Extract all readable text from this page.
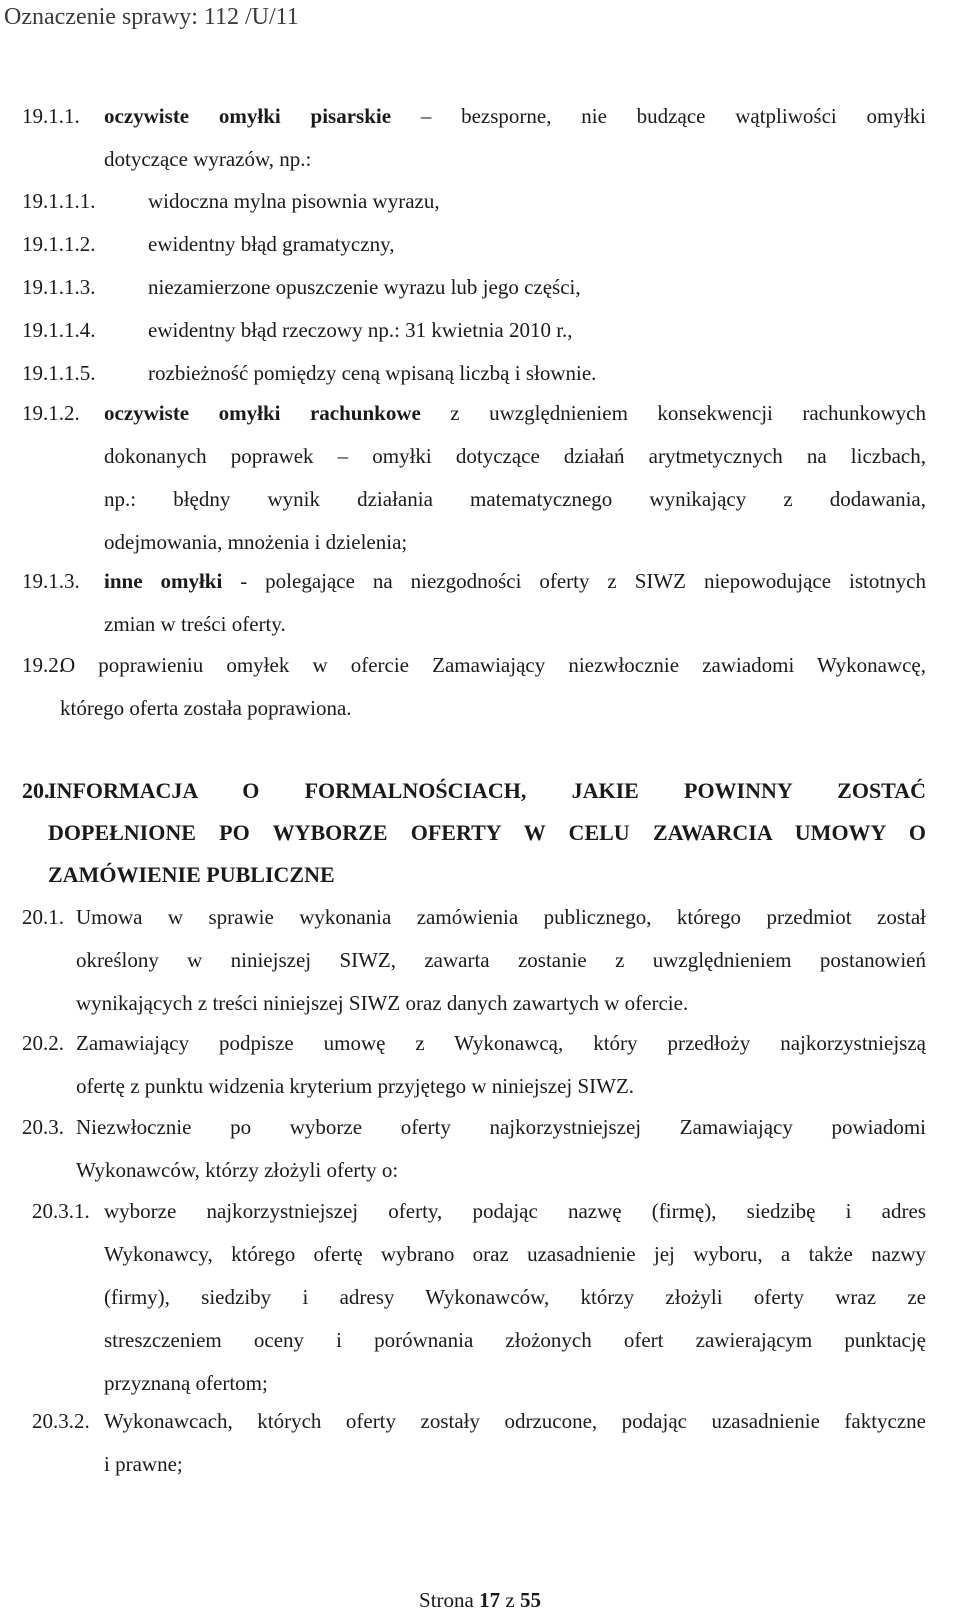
Oznaczenie sprawy: 112 /U/11

19.1.1. oczywiste omyłki pisarskie – bezsporne, nie budzące wątpliwości omyłki

dotyczące wyrazów, np.:

19.1.1.1.	widoczna mylna pisownia wyrazu,

19.1.1.2.	ewidentny błąd gramatyczny,

19.1.1.3.	niezamierzone opuszczenie wyrazu lub jego części,

19.1.1.4.	ewidentny błąd rzeczowy np.: 31 kwietnia 2010 r.,

19.1.1.5.	rozbieżność pomiędzy ceną wpisaną liczbą i słownie.

19.1.2. oczywiste omyłki rachunkowe z uwzględnieniem konsekwencji rachunkowych

dokonanych poprawek – omyłki dotyczące działań arytmetycznych na liczbach,

np.: błędny wynik działania matematycznego wynikający z dodawania,

odejmowania, mnożenia i dzielenia;

19.1.3. inne omyłki - polegające na niezgodności oferty z SIWZ niepowodujące istotnych

zmian w treści oferty.

19.2.O poprawieniu omyłek w ofercie Zamawiający niezwłocznie zawiadomi Wykonawcę,

którego oferta została poprawiona.

20.INFORMACJA O FORMALNOŚCIACH, JAKIE POWINNY ZOSTAĆ

DOPEŁNIONE PO WYBORZE OFERTY W CELU ZAWARCIA UMOWY O

ZAMÓWIENIE PUBLICZNE

20.1. Umowa w sprawie wykonania zamówienia publicznego, którego przedmiot został

określony w niniejszej SIWZ, zawarta zostanie z uwzględnieniem postanowień

wynikających z treści niniejszej SIWZ oraz danych zawartych w ofercie.

20.2. Zamawiający podpisze umowę z Wykonawcą, który przedłoży najkorzystniejszą

ofertę z punktu widzenia kryterium przyjętego w niniejszej SIWZ.

20.3. Niezwłocznie po wyborze oferty najkorzystniejszej Zamawiający powiadomi

Wykonawców, którzy złożyli oferty o:

20.3.1. wyborze najkorzystniejszej oferty, podając nazwę (firmę), siedzibę i adres

Wykonawcy, którego ofertę wybrano oraz uzasadnienie jej wyboru, a także nazwy

(firmy), siedziby i adresy Wykonawców, którzy złożyli oferty wraz ze

streszczeniem oceny i porównania złożonych ofert zawierającym punktację

przyznaną ofertom;

20.3.2. Wykonawcach, których oferty zostały odrzucone, podając uzasadnienie faktyczne

i prawne;

Strona 17 z 55
